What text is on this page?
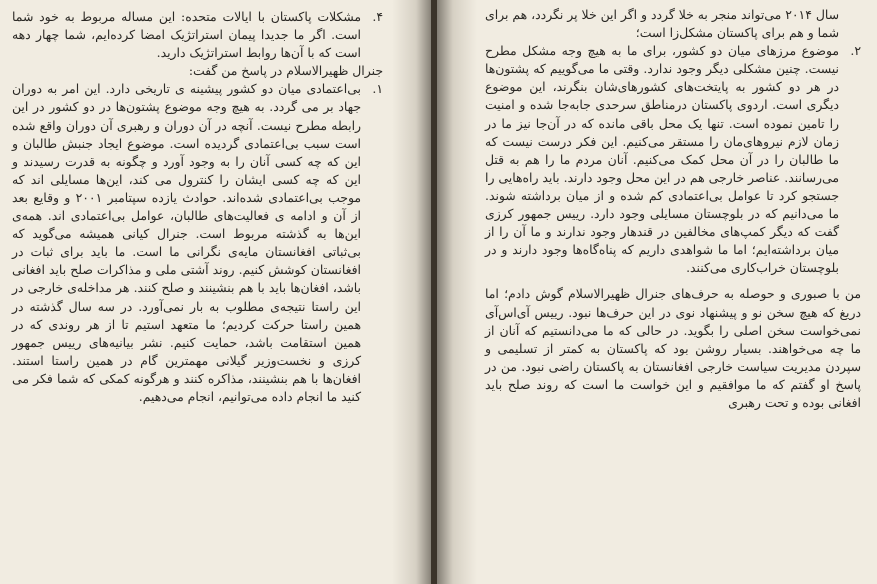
۴.
مشکلات پاکستان با ایالات متحده: این مساله مربوط به خود شما است. اگر ما جدیدا پیمان استراتژیک امضا کرده‌ایم، شما چهار دهه است که با آن‌ها روابط استراتژیک دارید.

جنرال ظهیرالاسلام در پاسخ من گفت:

۱.
بی‌اعتمادی میان دو کشور پیشینه ی تاریخی دارد. این امر به دوران جهاد بر می گردد. به هیچ وجه موضوع پشتون‌ها در دو کشور در این رابطه مطرح نیست. آنچه در آن دوران و رهبری آن دوران واقع شده است سبب بی‌اعتمادی گردیده است. موضوع ایجاد جنبش طالبان و این که چه کسی آنان را به وجود آورد و چگونه به قدرت رسیدند و این که چه کسی ایشان را کنترول می کند، این‌ها مسایلی اند که موجب بی‌اعتمادی شده‌اند. حوادث یازده سپتامبر ۲۰۰۱ و وقایع بعد از آن و ادامه ی فعالیت‌های طالبان، عوامل بی‌اعتمادی اند. همه‌ی این‌ها به گذشته مربوط است. جنرال کیانی همیشه می‌گوید که بی‌ثباتی افغانستان مایه‌ی نگرانی ما است. ما باید برای ثبات در افغانستان کوشش کنیم. روند آشتی ملی و مذاکرات صلح باید افغانی باشد، افغان‌ها باید با هم بنشینند و صلح کنند. هر مداخله‌ی خارجی در این راستا نتیجه‌ی مطلوب به بار نمی‌آورد. در سه سال گذشته در همین راستا حرکت کردیم؛ ما متعهد استیم تا از هر روندی که در همین استقامت باشد، حمایت کنیم. نشر بیانیه‌های رییس جمهور کرزی و نخست‌وزیر گیلانی مهمترین گام در همین راستا استند. افغان‌ها با هم بنشینند، مذاکره کنند و هرگونه کمکی که شما فکر می کنید ما انجام داده می‌توانیم، انجام می‌دهیم.

سال ۲۰۱۴ می‌تواند منجر به خلا گردد و اگر این خلا پر نگردد، هم برای شما و هم برای پاکستان مشکل‌زا است؛

۲.
موضوع مرزهای میان دو کشور، برای ما به هیچ وجه مشکل مطرح نیست. چنین مشکلی دیگر وجود ندارد. وقتی ما می‌گوییم که پشتون‌ها در هر دو کشور به پایتخت‌های کشورهای‌شان بنگرند، این موضوع دیگری است. اردوی پاکستان درمناطق سرحدی جابه‌جا شده و امنیت را تامین نموده است. تنها یک محل باقی مانده که در آن‌جا نیز ما در زمان لازم نیروهای‌مان را مستقر می‌کنیم. این فکر درست نیست که ما طالبان را در آن محل کمک می‌کنیم. آنان مردم ما را هم به قتل می‌رسانند. عناصر خارجی هم در این محل وجود دارند. باید راه‌هایی را جستجو کرد تا عوامل بی‌اعتمادی کم شده و از میان برداشته شوند. ما می‌دانیم که در بلوچستان مسایلی وجود دارد. رییس جمهور کرزی گفت که دیگر کمپ‌های مخالفین در قندهار وجود ندارند و ما آن را از میان برداشته‌ایم؛ اما ما شواهدی داریم که پناه‌گاه‌ها وجود دارند و در بلوچستان خراب‌کاری می‌کنند.

من با صبوری و حوصله به حرف‌های جنرال ظهیرالاسلام گوش دادم؛ اما دریغ که هیچ سخن نو و پیشنهاد نوی در این حرف‌ها نبود. رییس آی‌اس‌آی نمی‌خواست سخن اصلی را بگوید. در حالی که ما می‌دانستیم که آنان از ما چه می‌خواهند. بسیار روشن بود که پاکستان به کمتر از تسلیمی و سپردن مدیریت سیاست خارجی افغانستان به پاکستان راضی نبود. من در پاسخ او گفتم که ما موافقیم و این خواست ما است که روند صلح باید افغانی بوده و تحت رهبری
